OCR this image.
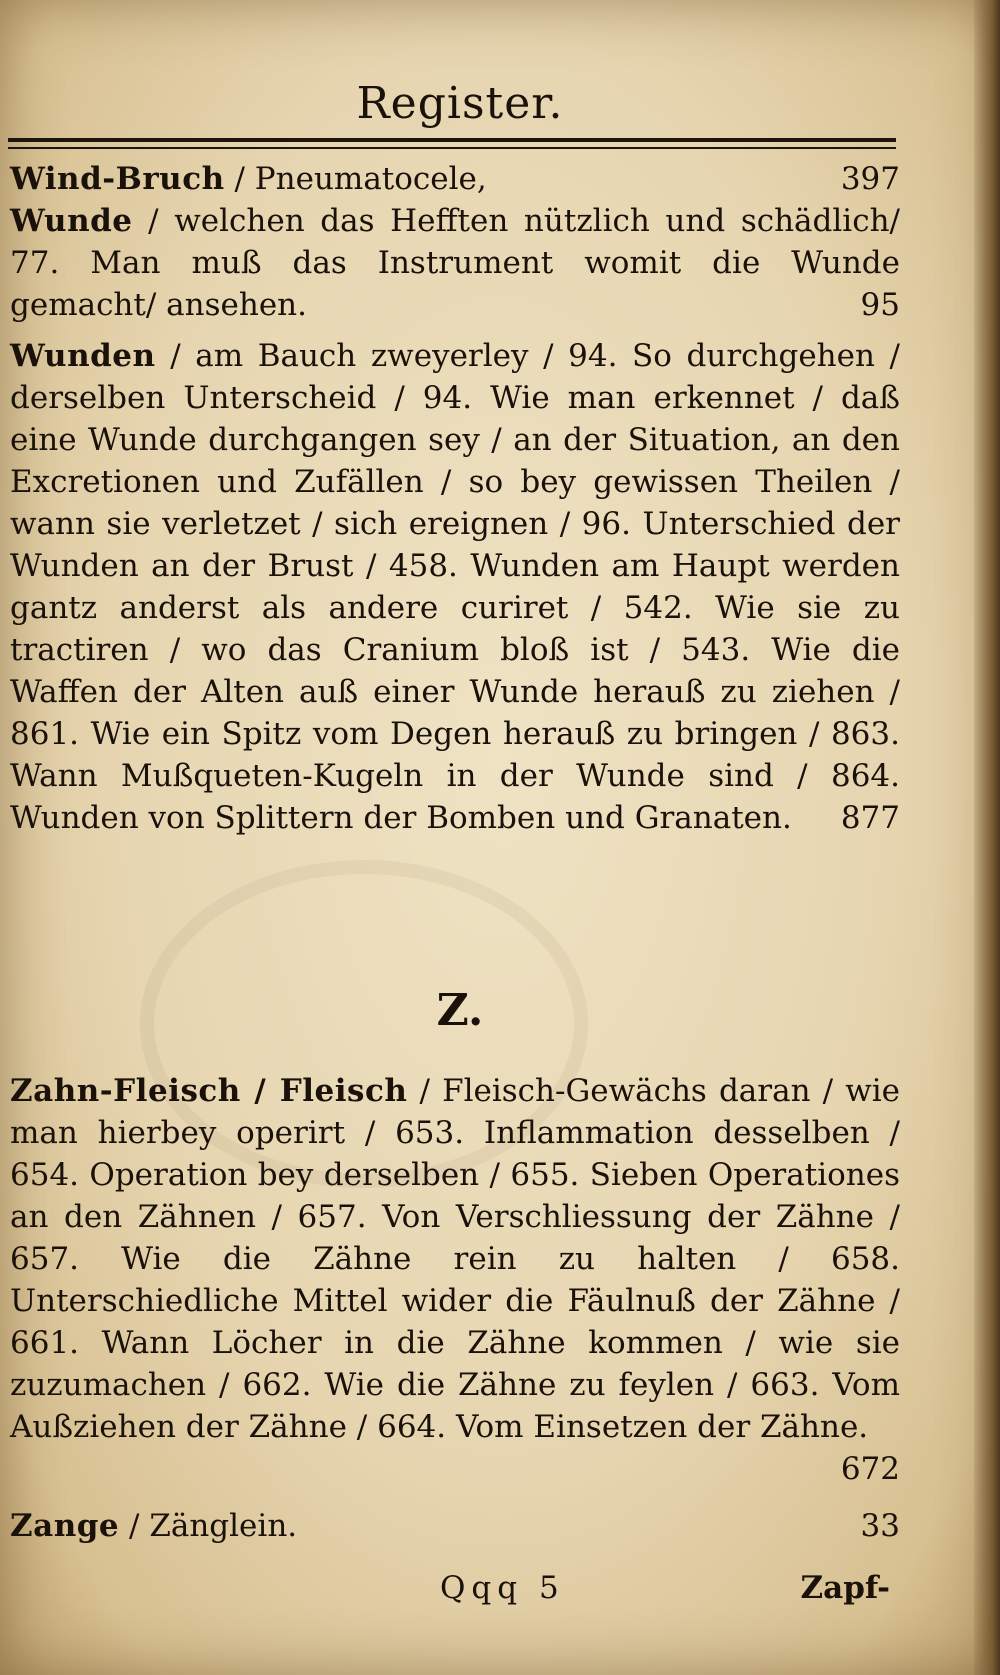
Register.
397
Wind-Bruch / Pneumatocele,
Wunde / welchen das Hefften nützlich und schädlich/ 77. Man muß das Instrument womit die Wunde gemacht/ ansehen.	95
Wunden / am Bauch zweyerley / 94. So durchgehen / derselben Unterscheid / 94. Wie man erkennet / daß eine Wunde durchgangen sey / an der Situation, an den Excretionen und Zufällen / so bey gewissen Theilen / wann sie verletzet / sich ereignen / 96. Unterschied der Wunden an der Brust / 458. Wunden am Haupt werden gantz anderst als andere curiret / 542. Wie sie zu tractiren / wo das Cranium bloß ist / 543. Wie die Waffen der Alten auß einer Wunde herauß zu ziehen / 861. Wie ein Spitz vom Degen herauß zu bringen / 863. Wann Mußqueten-Kugeln in der Wunde sind / 864. Wunden von Splittern der Bomben und Granaten. 877
Z.
Zahn-Fleisch / Fleisch / Fleisch-Gewächs daran / wie man hierbey operirt / 653. Inflammation desselben / 654. Operation bey derselben / 655. Sieben Operationes an den Zähnen / 657. Von Verschliessung der Zähne / 657. Wie die Zähne rein zu halten / 658. Unterschiedliche Mittel wider die Fäulnuß der Zähne / 661. Wann Löcher in die Zähne kommen / wie sie zuzumachen / 662. Wie die Zähne zu feylen / 663. Vom Außziehen der Zähne / 664. Vom Einsetzen der Zähne.
672
33
Zange / Zänglein.
Qqq 5	Zapf-
